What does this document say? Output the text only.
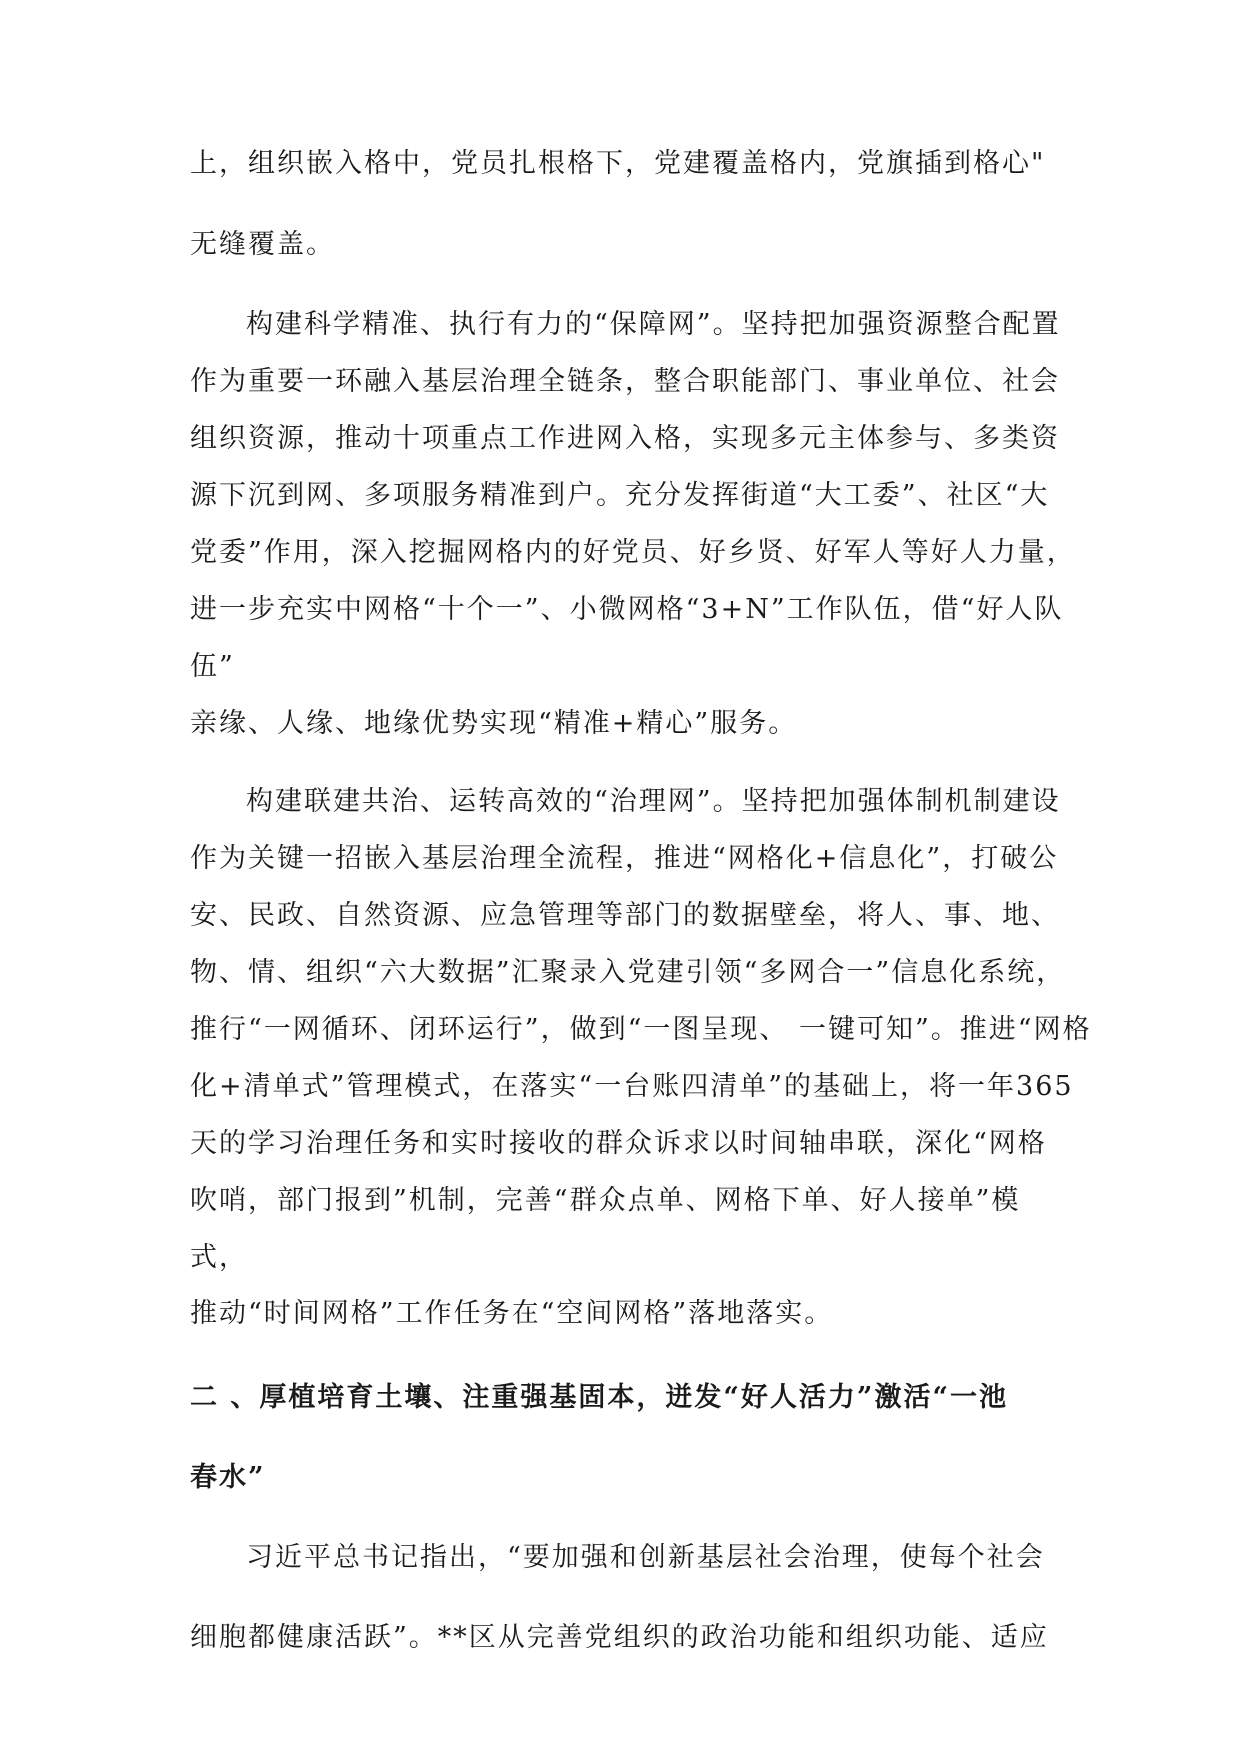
上，组织嵌入格中，党员扎根格下，党建覆盖格内，党旗插到格心"
无缝覆盖。
构建科学精准、执行有力的“保障网”。坚持把加强资源整合配置
作为重要一环融入基层治理全链条，整合职能部门、事业单位、社会
组织资源，推动十项重点工作进网入格，实现多元主体参与、多类资
源下沉到网、多项服务精准到户。充分发挥街道“大工委”、社区“大
党委”作用，深入挖掘网格内的好党员、好乡贤、好军人等好人力量，
进一步充实中网格“十个一”、小微网格“3+N”工作队伍，借“好人队
伍”
亲缘、人缘、地缘优势实现“精准+精心”服务。
构建联建共治、运转高效的“治理网”。坚持把加强体制机制建设
作为关键一招嵌入基层治理全流程，推进“网格化+信息化”，打破公
安、民政、自然资源、应急管理等部门的数据壁垒，将人、事、地、
物、情、组织“六大数据”汇聚录入党建引领“多网合一”信息化系统，
推行“一网循环、闭环运行”，做到“一图呈现、 一键可知”。推进“网格
化+清单式”管理模式，在落实“一台账四清单”的基础上，将一年365
天的学习治理任务和实时接收的群众诉求以时间轴串联，深化“网格
吹哨，部门报到”机制，完善“群众点单、网格下单、好人接单”模
式，
推动“时间网格”工作任务在“空间网格”落地落实。
二 、厚植培育土壤、注重强基固本，迸发“好人活力”激活“一池
春水”
习近平总书记指出，“要加强和创新基层社会治理，使每个社会
细胞都健康活跃”。**区从完善党组织的政治功能和组织功能、适应
